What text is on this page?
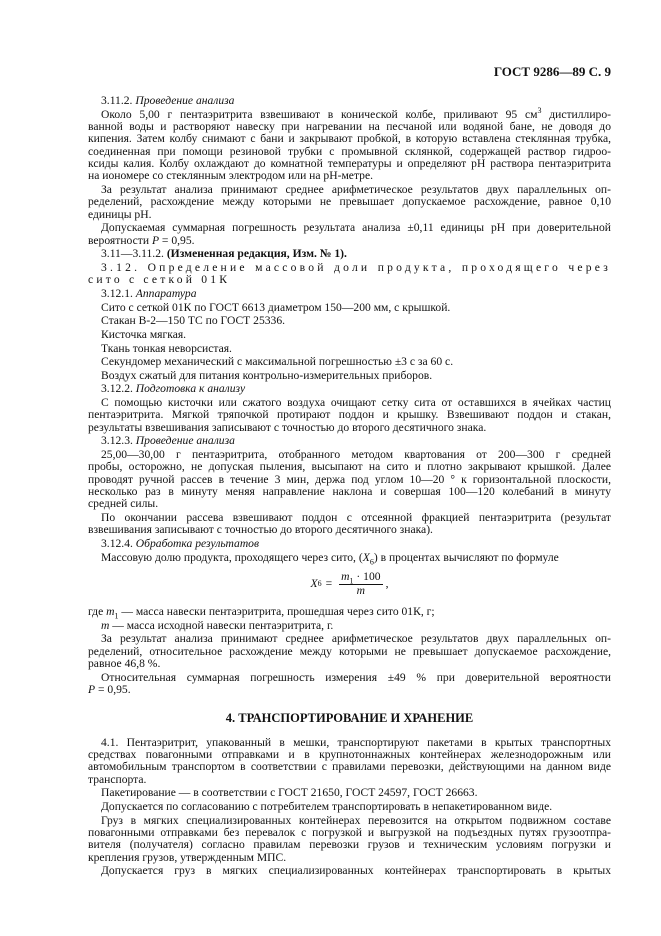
ГОСТ 9286—89 С. 9
3.11.2. Проведение анализа
Около 5,00 г пентаэритрита взвешивают в конической колбе, приливают 95 $см^3$ дистиллиро-
ванной воды и растворяют навеску при нагревании на песчаной или водяной бане, не доводя до
кипения. Затем колбу снимают с бани и закрывают пробкой, в которую вставлена стеклянная трубка,
соединенная при помощи резиновой трубки с промывной склянкой, содержащей раствор гидроо-
ксиды калия. Колбу охлаждают до комнатной температуры и определяют pH раствора пентаэритрита
на иономере со стеклянным электродом или на pH-метре.
За результат анализа принимают среднее арифметическое результатов двух параллельных оп-
ределений, расхождение между которыми не превышает допускаемое расхождение, равное 0,10
единицы pH.
Допускаемая суммарная погрешность результата анализа ±0,11 единицы pH при доверительной
вероятности P = 0,95.
3.11—3.11.2. (Измененная редакция, Изм. № 1).
3.12. Определение массовой доли продукта, проходящего через
сито с сеткой 01К
3.12.1. Аппаратура
Сито с сеткой 01К по ГОСТ 6613 диаметром 150—200 мм, с крышкой.
Стакан В-2—150 ТС по ГОСТ 25336.
Кисточка мягкая.
Ткань тонкая неворсистая.
Секундомер механический с максимальной погрешностью ±3 с за 60 с.
Воздух сжатый для питания контрольно-измерительных приборов.
3.12.2. Подготовка к анализу
С помощью кисточки или сжатого воздуха очищают сетку сита от оставшихся в ячейках частиц
пентаэритрита. Мягкой тряпочкой протирают поддон и крышку. Взвешивают поддон и стакан,
результаты взвешивания записывают с точностью до второго десятичного знака.
3.12.3. Проведение анализа
25,00—30,00 г пентаэритрита, отобранного методом квартования от 200—300 г средней
пробы, осторожно, не допуская пыления, высыпают на сито и плотно закрывают крышкой. Далее
проводят ручной рассев в течение 3 мин, держа под углом 10—20 ° к горизонтальной плоскости,
несколько раз в минуту меняя направление наклона и совершая 100—120 колебаний в минуту
средней силы.
По окончании рассева взвешивают поддон с отсеянной фракцией пентаэритрита (результат
взвешивания записывают с точностью до второго десятичного знака).
3.12.4. Обработка результатов
Массовую долю продукта, проходящего через сито, $(X_6)$ в процентах вычисляют по формуле
X $6 = \frac{m_1 \cdot 100}{m}$ ,
где $m_1$ — масса навески пентаэритрита, прошедшая через сито 01К, г;
m — масса исходной навески пентаэритрита, г.
За результат анализа принимают среднее арифметическое результатов двух параллельных оп-
ределений, относительное расхождение между которыми не превышает допускаемое расхождение,
равное 46,8 %.
Относительная суммарная погрешность измерения ±49 % при доверительной вероятности
P = 0,95.
4. ТРАНСПОРТИРОВАНИЕ И ХРАНЕНИЕ
4.1. Пентаэритрит, упакованный в мешки, транспортируют пакетами в крытых транспортных
средствах повагонными отправками и в крупнотоннажных контейнерах железнодорожным или
автомобильным транспортом в соответствии с правилами перевозки, действующими на данном виде
транспорта.
Пакетирование — в соответствии с ГОСТ 21650, ГОСТ 24597, ГОСТ 26663.
Допускается по согласованию с потребителем транспортировать в непакетированном виде.
Груз в мягких специализированных контейнерах перевозится на открытом подвижном составе
повагонными отправками без перевалок с погрузкой и выгрузкой на подъездных путях грузоотпра-
вителя (получателя) согласно правилам перевозки грузов и техническим условиям погрузки и
крепления грузов, утвержденным МПС.
Допускается груз в мягких специализированных контейнерах транспортировать в крытых
